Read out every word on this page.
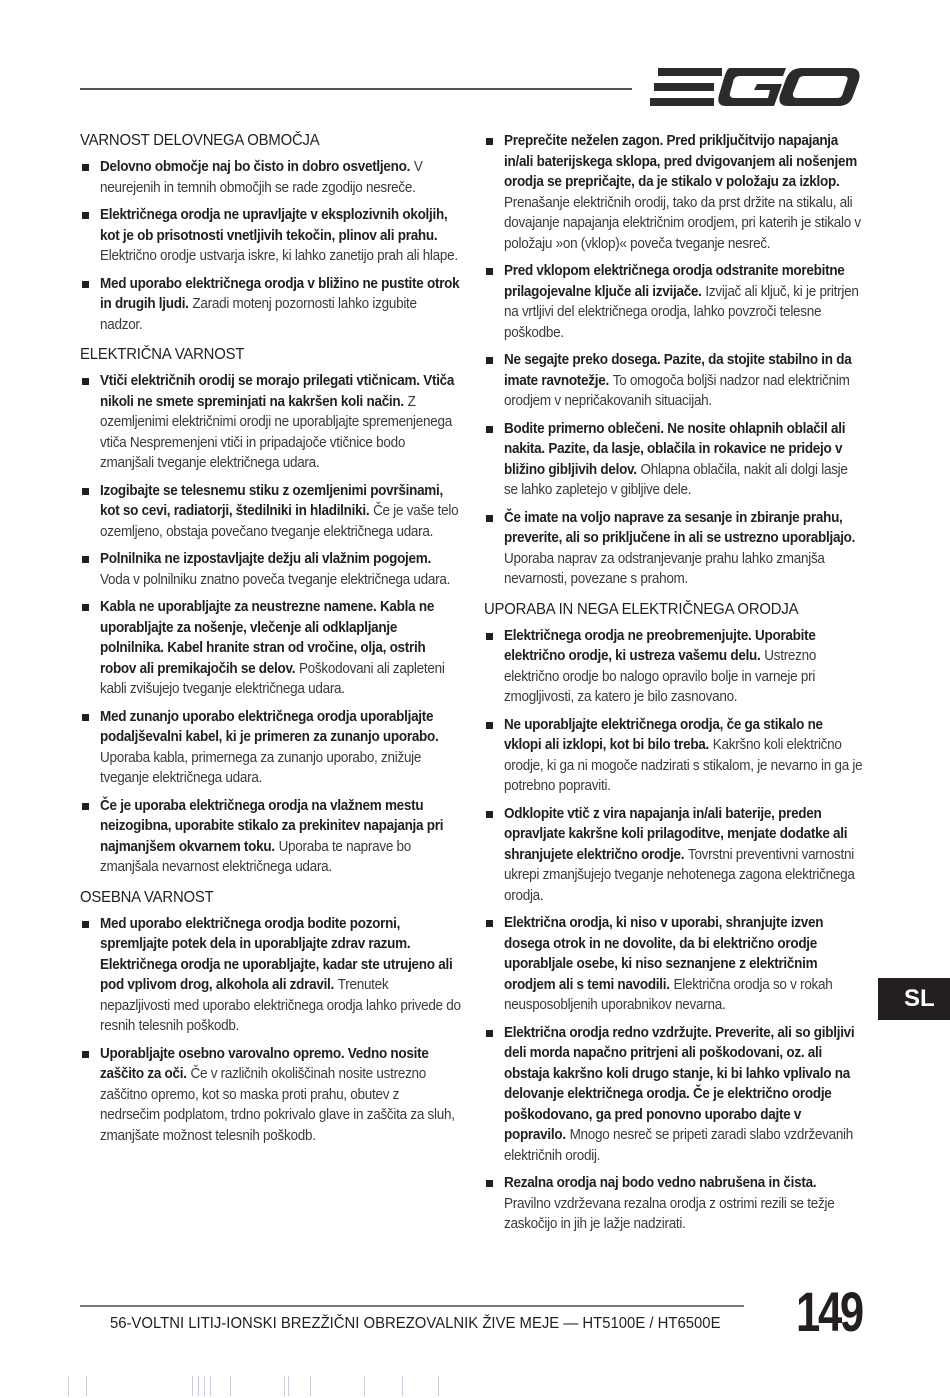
VARNOST DELOVNEGA OBMOČJA
Delovno območje naj bo čisto in dobro osvetljeno. V neurejenih in temnih območjih se rade zgodijo nesreče.
Električnega orodja ne upravljajte v eksplozivnih okoljih, kot je ob prisotnosti vnetljivih tekočin, plinov ali prahu. Električno orodje ustvarja iskre, ki lahko zanetijo prah ali hlape.
Med uporabo električnega orodja v bližino ne pustite otrok in drugih ljudi. Zaradi motenj pozornosti lahko izgubite nadzor.
ELEKTRIČNA VARNOST
Vtiči električnih orodij se morajo prilegati vtičnicam. Vtiča nikoli ne smete spreminjati na kakršen koli način. Z ozemljenimi električnimi orodji ne uporabljajte spremenjenega vtiča Nespremenjeni vtiči in pripadajoče vtičnice bodo zmanjšali tveganje električnega udara.
Izogibajte se telesnemu stiku z ozemljenimi površinami, kot so cevi, radiatorji, štedilniki in hladilniki. Če je vaše telo ozemljeno, obstaja povečano tveganje električnega udara.
Polnilnika ne izpostavljajte dežju ali vlažnim pogojem. Voda v polnilniku znatno poveča tveganje električnega udara.
Kabla ne uporabljajte za neustrezne namene. Kabla ne uporabljajte za nošenje, vlečenje ali odklapljanje polnilnika. Kabel hranite stran od vročine, olja, ostrih robov ali premikajočih se delov. Poškodovani ali zapleteni kabli zvišujejo tveganje električnega udara.
Med zunanjo uporabo električnega orodja uporabljajte podaljševalni kabel, ki je primeren za zunanjo uporabo. Uporaba kabla, primernega za zunanjo uporabo, znižuje tveganje električnega udara.
Če je uporaba električnega orodja na vlažnem mestu neizogibna, uporabite stikalo za prekinitev napajanja pri najmanjšem okvarnem toku. Uporaba te naprave bo zmanjšala nevarnost električnega udara.
OSEBNA VARNOST
Med uporabo električnega orodja bodite pozorni, spremljajte potek dela in uporabljajte zdrav razum. Električnega orodja ne uporabljajte, kadar ste utrujeno ali pod vplivom drog, alkohola ali zdravil. Trenutek nepazljivosti med uporabo električnega orodja lahko privede do resnih telesnih poškodb.
Uporabljajte osebno varovalno opremo. Vedno nosite zaščito za oči. Če v različnih okoliščinah nosite ustrezno zaščitno opremo, kot so maska proti prahu, obutev z nedrsečim podplatom, trdno pokrivalo glave in zaščita za sluh, zmanjšate možnost telesnih poškodb.
Preprečite neželen zagon. Pred priključitvijo napajanja in/ali baterijskega sklopa, pred dvigovanjem ali nošenjem orodja se prepričajte, da je stikalo v položaju za izklop. Prenašanje električnih orodij, tako da prst držite na stikalu, ali dovajanje napajanja električnim orodjem, pri katerih je stikalo v položaju »on (vklop)« poveča tveganje nesreč.
Pred vklopom električnega orodja odstranite morebitne prilagojevalne ključe ali izvijače. Izvijač ali ključ, ki je pritrjen na vrtljivi del električnega orodja, lahko povzroči telesne poškodbe.
Ne segajte preko dosega. Pazite, da stojite stabilno in da imate ravnotežje. To omogoča boljši nadzor nad električnim orodjem v nepričakovanih situacijah.
Bodite primerno oblečeni. Ne nosite ohlapnih oblačil ali nakita. Pazite, da lasje, oblačila in rokavice ne pridejo v bližino gibljivih delov. Ohlapna oblačila, nakit ali dolgi lasje se lahko zapletejo v gibljive dele.
Če imate na voljo naprave za sesanje in zbiranje prahu, preverite, ali so priključene in ali se ustrezno uporabljajo. Uporaba naprav za odstranjevanje prahu lahko zmanjša nevarnosti, povezane s prahom.
UPORABA IN NEGA ELEKTRIČNEGA ORODJA
Električnega orodja ne preobremenjujte. Uporabite električno orodje, ki ustreza vašemu delu. Ustrezno električno orodje bo nalogo opravilo bolje in varneje pri zmogljivosti, za katero je bilo zasnovano.
Ne uporabljajte električnega orodja, če ga stikalo ne vklopi ali izklopi, kot bi bilo treba. Kakršno koli električno orodje, ki ga ni mogoče nadzirati s stikalom, je nevarno in ga je potrebno popraviti.
Odklopite vtič z vira napajanja in/ali baterije, preden opravljate kakršne koli prilagoditve, menjate dodatke ali shranjujete električno orodje. Tovrstni preventivni varnostni ukrepi zmanjšujejo tveganje nehotenega zagona električnega orodja.
Električna orodja, ki niso v uporabi, shranjujte izven dosega otrok in ne dovolite, da bi električno orodje uporabljale osebe, ki niso seznanjene z električnim orodjem ali s temi navodili. Električna orodja so v rokah neusposobljenih uporabnikov nevarna.
Električna orodja redno vzdržujte. Preverite, ali so gibljivi deli morda napačno pritrjeni ali poškodovani, oz. ali obstaja kakršno koli drugo stanje, ki bi lahko vplivalo na delovanje električnega orodja. Če je električno orodje poškodovano, ga pred ponovno uporabo dajte v popravilo. Mnogo nesreč se pripeti zaradi slabo vzdrževanih električnih orodij.
Rezalna orodja naj bodo vedno nabrušena in čista. Pravilno vzdrževana rezalna orodja z ostrimi rezili se težje zaskočijo in jih je lažje nadzirati.
SL
56-VOLTNI LITIJ-IONSKI BREZŽIČNI OBREZOVALNIK ŽIVE MEJE — HT5100E / HT6500E 149
